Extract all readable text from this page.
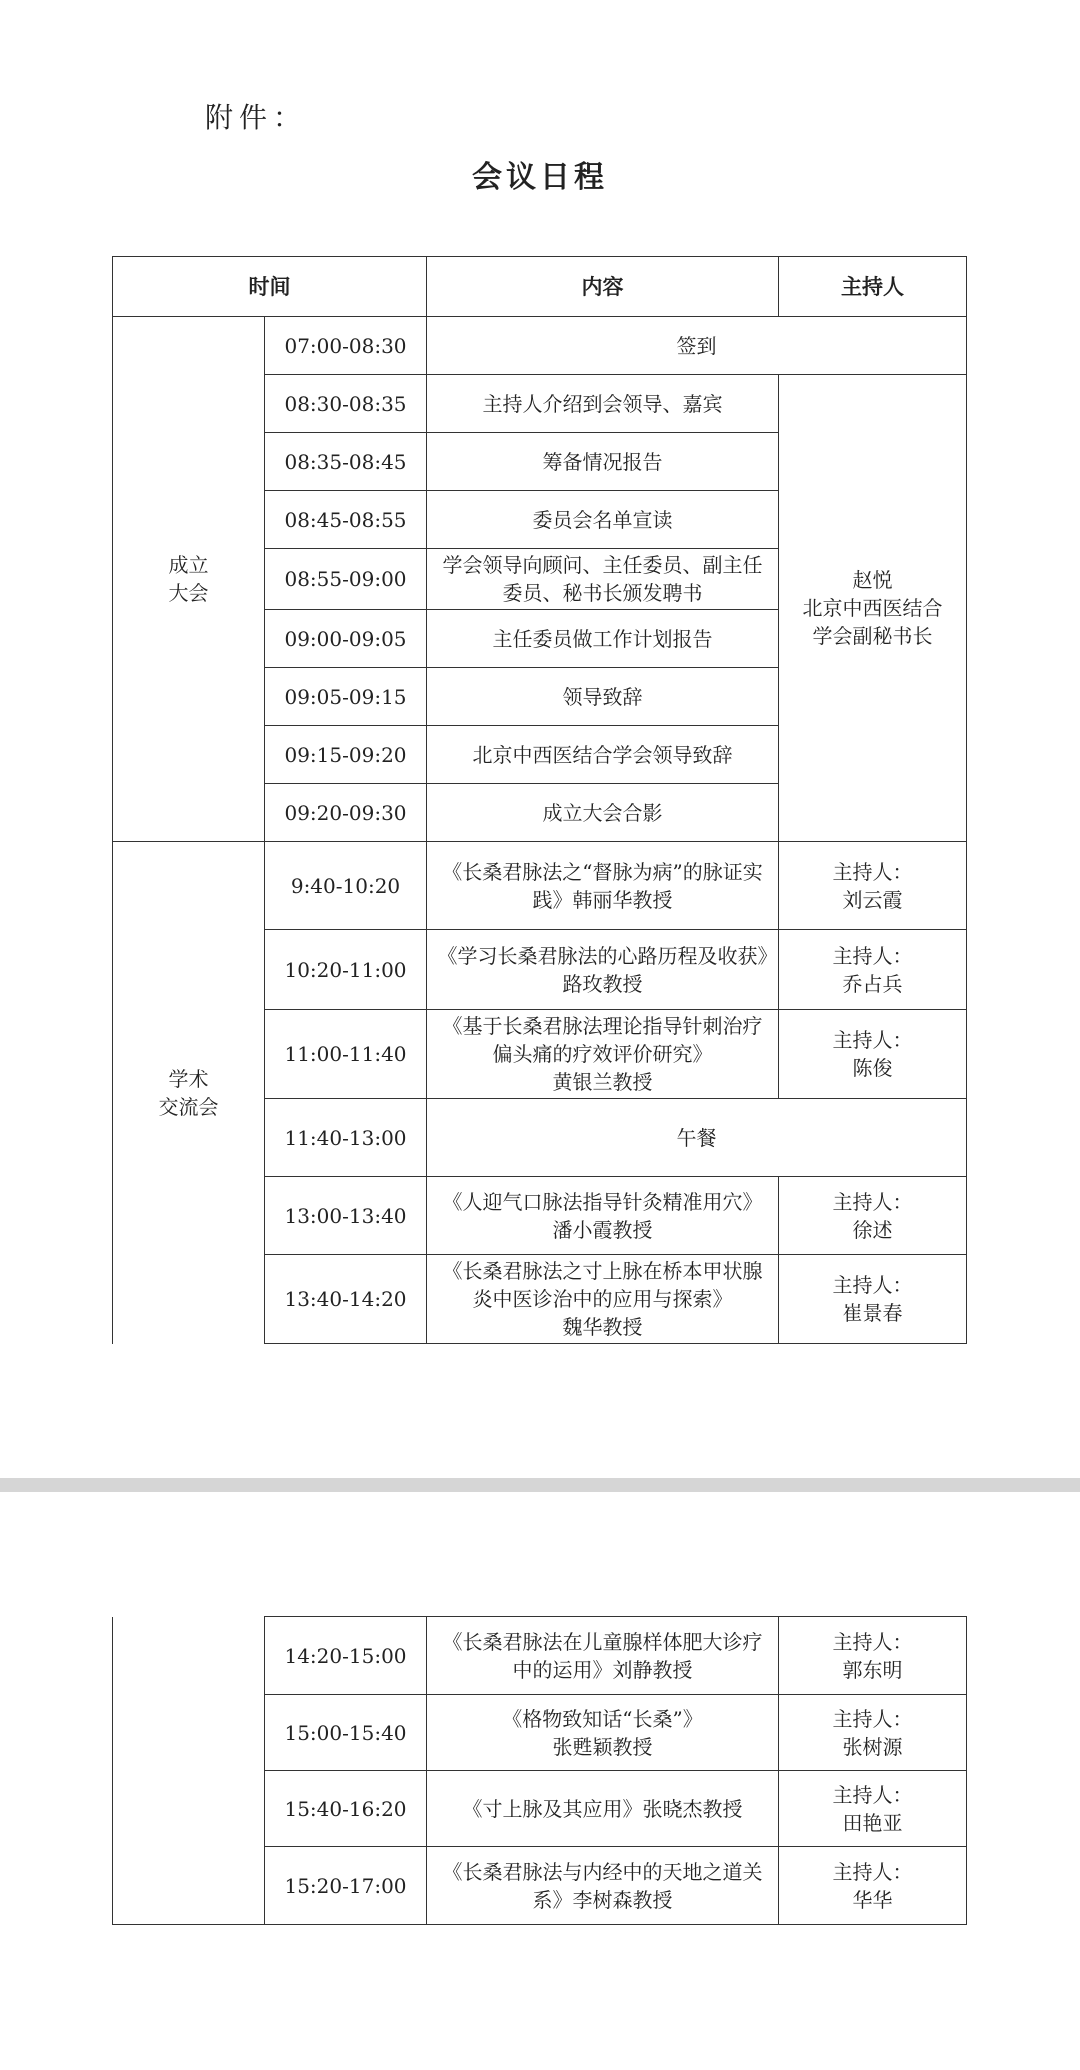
附件：
会议日程
时间		内容	主持人
成立
大会	07:00-08:30	签到	
	08:30-08:35	主持人介绍到会领导、嘉宾	赵悦
北京中西医结合
学会副秘书长
	08:35-08:45	筹备情况报告	
	08:45-08:55	委员会名单宣读	
	08:55-09:00	学会领导向顾问、主任委员、副主任委员、秘书长颁发聘书	
	09:00-09:05	主任委员做工作计划报告	
	09:05-09:15	领导致辞	
	09:15-09:20	北京中西医结合学会领导致辞	
	09:20-09:30	成立大会合影	
学术
交流会	9:40-10:20	《长桑君脉法之“督脉为病”的脉证实践》韩丽华教授	主持人：
刘云霞
	10:20-11:00	《学习长桑君脉法的心路历程及收获》路玫教授	主持人：
乔占兵
	11:00-11:40	《基于长桑君脉法理论指导针刺治疗偏头痛的疗效评价研究》
黄银兰教授	主持人：
陈俊
	11:40-13:00	午餐	
	13:00-13:40	《人迎气口脉法指导针灸精准用穴》潘小霞教授	主持人：
徐述
	13:40-14:20	《长桑君脉法之寸上脉在桥本甲状腺炎中医诊治中的应用与探索》
魏华教授	主持人：
崔景春
	14:20-15:00	《长桑君脉法在儿童腺样体肥大诊疗中的运用》刘静教授	主持人：
郭东明
	15:00-15:40	《格物致知话“长桑”》
张甦颖教授	主持人：
张树源
	15:40-16:20	《寸上脉及其应用》张晓杰教授	主持人：
田艳亚
	15:20-17:00	《长桑君脉法与内经中的天地之道关系》李树森教授	主持人：
华华
